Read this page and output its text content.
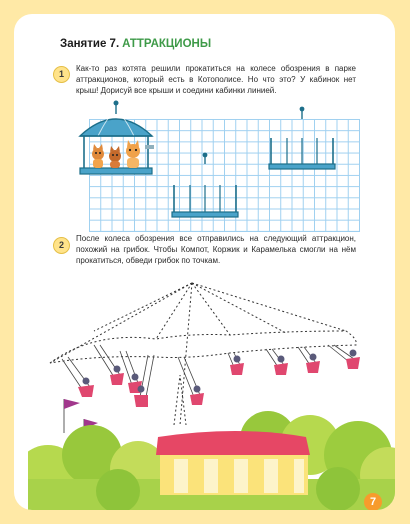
Занятие 7. АТТРАКЦИОНЫ
1
Как-то раз котята решили прокатиться на колесе обозрения в парке аттракционов, который есть в Котополисе. Но что это? У кабинок нет крыш! Дорисуй все крыши и соедини кабинки линией.
2
После колеса обозрения все отправились на следующий аттракцион, похожий на грибок. Чтобы Компот, Коржик и Карамелька смогли на нём прокатиться, обведи грибок по точкам.
7
